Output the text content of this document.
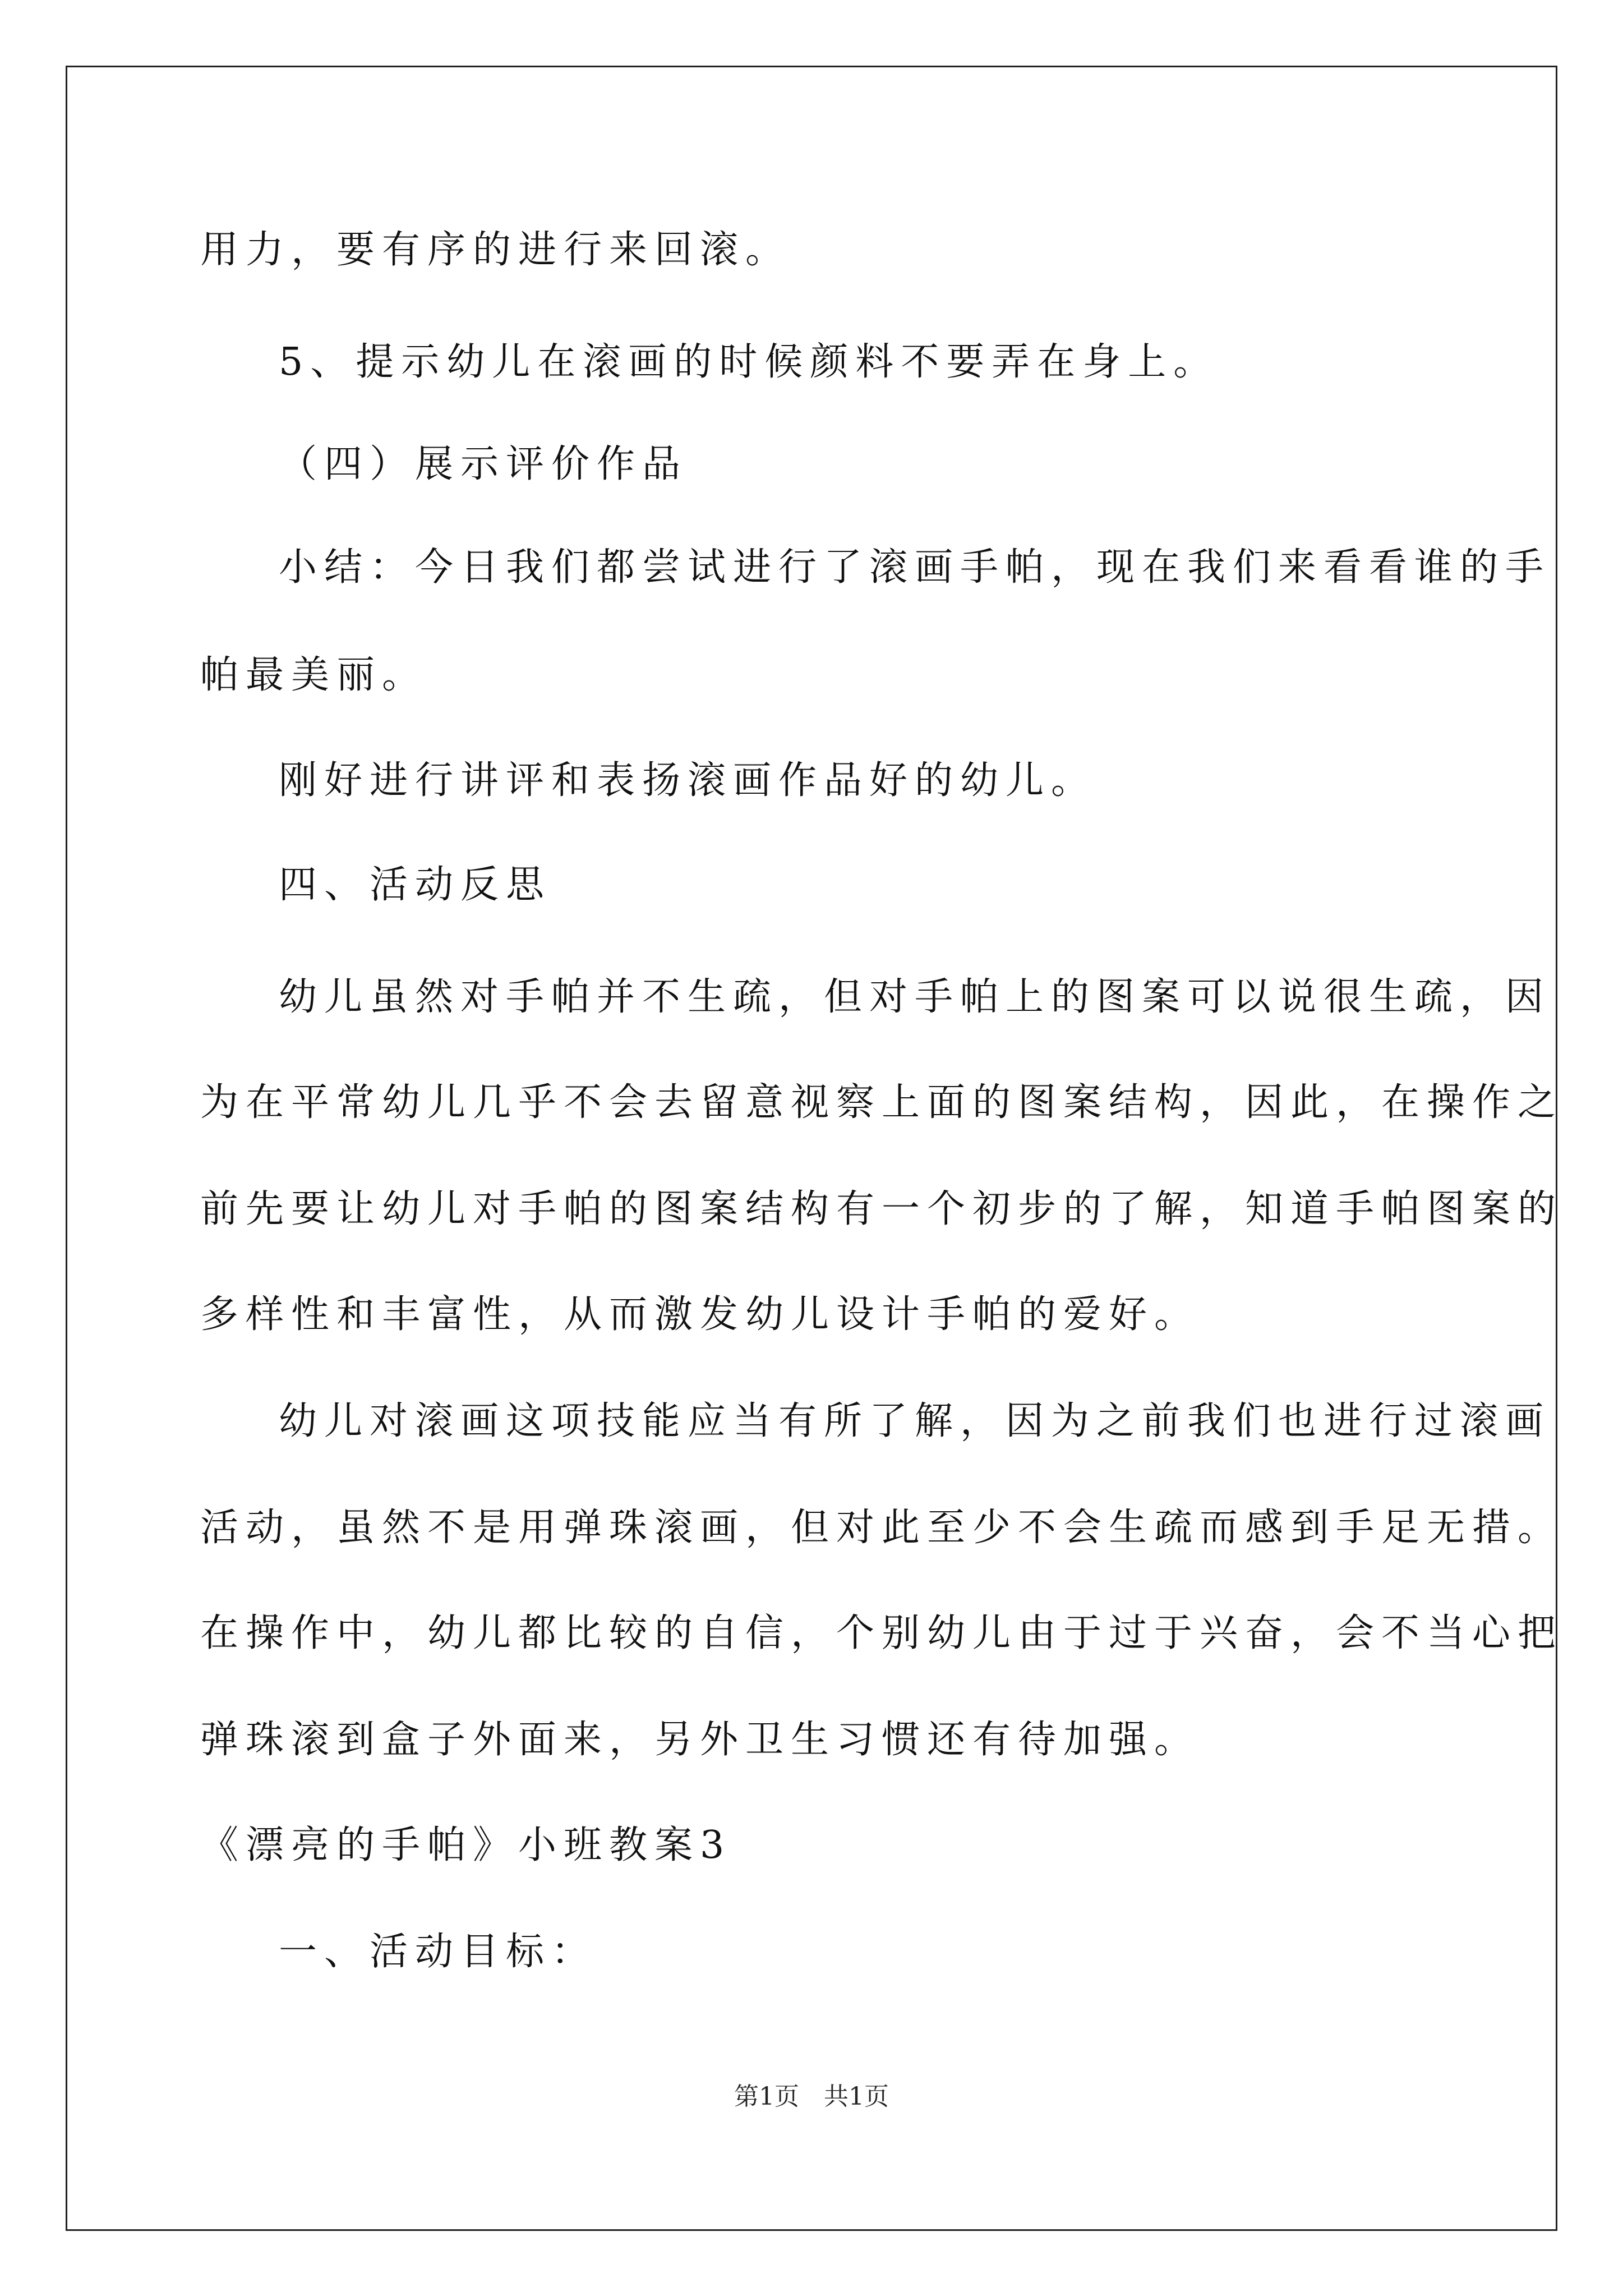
用力，要有序的进行来回滚。
5、提示幼儿在滚画的时候颜料不要弄在身上。
（四）展示评价作品
小结：今日我们都尝试进行了滚画手帕，现在我们来看看谁的手
帕最美丽。
刚好进行讲评和表扬滚画作品好的幼儿。
四、活动反思
幼儿虽然对手帕并不生疏，但对手帕上的图案可以说很生疏，因
为在平常幼儿几乎不会去留意视察上面的图案结构，因此，在操作之
前先要让幼儿对手帕的图案结构有一个初步的了解，知道手帕图案的
多样性和丰富性，从而激发幼儿设计手帕的爱好。
幼儿对滚画这项技能应当有所了解，因为之前我们也进行过滚画
活动，虽然不是用弹珠滚画，但对此至少不会生疏而感到手足无措。
在操作中，幼儿都比较的自信，个别幼儿由于过于兴奋，会不当心把
弹珠滚到盒子外面来，另外卫生习惯还有待加强。
《漂亮的手帕》小班教案3
一、活动目标：
第1页　共1页
